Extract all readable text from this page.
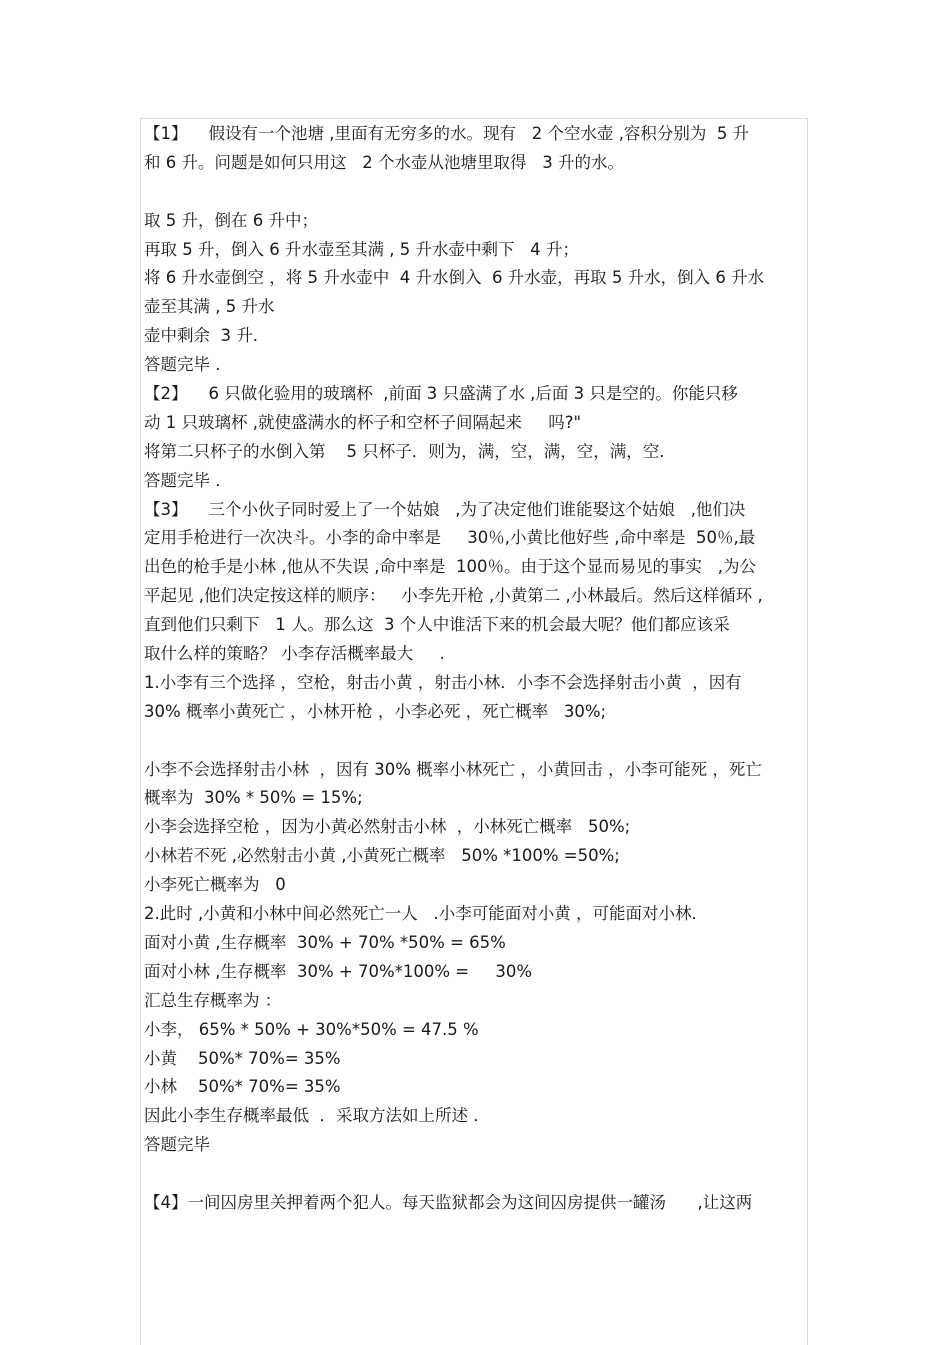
【1】    假设有一个池塘 ,里面有无穷多的水。现有   2 个空水壶 ,容积分别为  5 升

和 6 升。问题是如何只用这   2 个水壶从池塘里取得   3 升的水。

取 5 升，倒在 6 升中；

再取 5 升，倒入 6 升水壶至其满 , 5 升水壶中剩下   4 升；

将 6 升水壶倒空 ，将 5 升水壶中  4 升水倒入  6 升水壶，再取 5 升水，倒入 6 升水

壶至其满 , 5 升水

壶中剩余  3 升.

答题完毕 .

【2】    6 只做化验用的玻璃杯  ,前面 3 只盛满了水 ,后面 3 只是空的。你能只移

动 1 只玻璃杯 ,就使盛满水的杯子和空杯子间隔起来     吗?"

将第二只杯子的水倒入第    5 只杯子．则为，满，空，满，空，满，空.

答题完毕 .

【3】    三个小伙子同时爱上了一个姑娘   ,为了决定他们谁能娶这个姑娘   ,他们决

定用手枪进行一次决斗。小李的命中率是     30％,小黄比他好些 ,命中率是  50％,最

出色的枪手是小林 ,他从不失误 ,命中率是  100％。由于这个显而易见的事实   ,为公

平起见 ,他们决定按这样的顺序：   小李先开枪 ,小黄第二 ,小林最后。然后这样循环 ,

直到他们只剩下   1 人。那么这  3 个人中谁活下来的机会最大呢？他们都应该采

取什么样的策略？ 小李存活概率最大     .

1.小李有三个选择 ，空枪，射击小黄 ，射击小林．小李不会选择射击小黄  ，因有

30% 概率小黄死亡 ，小林开枪 ，小李必死 ，死亡概率   30%;

小李不会选择射击小林  ，因有 30% 概率小林死亡 ，小黄回击 ，小李可能死 ，死亡

概率为  30% * 50% = 15%;

小李会选择空枪 ，因为小黄必然射击小林  ，小林死亡概率   50%;

小林若不死 ,必然射击小黄 ,小黄死亡概率   50% *100% =50%;

小李死亡概率为   0

2.此时 ,小黄和小林中间必然死亡一人   .小李可能面对小黄 ，可能面对小林．

面对小黄 ,生存概率  30% + 70% *50% = 65%

面对小林 ,生存概率  30% + 70%*100% =     30%

汇总生存概率为 ：

小李， 65% * 50% + 30%*50% = 47.5 %

小黄    50%* 70%= 35%

小林    50%* 70%= 35%

因此小李生存概率最低  ．采取方法如上所述 ．

答题完毕

【4】一间囚房里关押着两个犯人。每天监狱都会为这间囚房提供一罐汤      ,让这两
